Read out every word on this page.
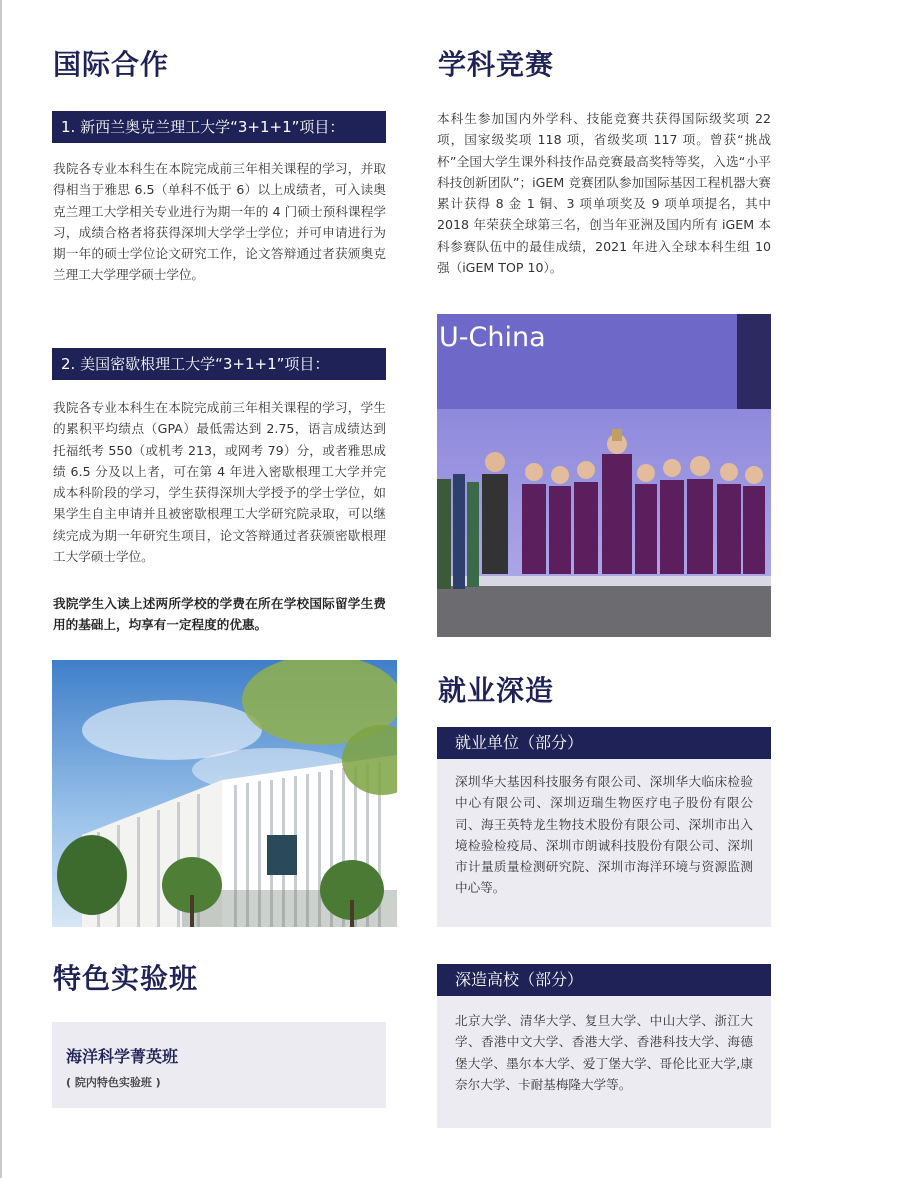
国际合作
1. 新西兰奥克兰理工大学“3+1+1”项目：

我院各专业本科生在本院完成前三年相关课程的学习，并取得相当于雅思 6.5（单科不低于 6）以上成绩者，可入读奥克兰理工大学相关专业进行为期一年的 4 门硕士预科课程学习，成绩合格者将获得深圳大学学士学位；并可申请进行为期一年的硕士学位论文研究工作，论文答辩通过者获颁奥克兰理工大学理学硕士学位。

2. 美国密歇根理工大学“3+1+1”项目：

我院各专业本科生在本院完成前三年相关课程的学习，学生的累积平均绩点（GPA）最低需达到 2.75，语言成绩达到托福纸考 550（或机考 213，或网考 79）分，或者雅思成绩 6.5 分及以上者，可在第 4 年进入密歇根理工大学并完成本科阶段的学习，学生获得深圳大学授予的学士学位，如果学生自主申请并且被密歇根理工大学研究院录取，可以继续完成为期一年研究生项目，论文答辩通过者获颁密歇根理工大学硕士学位。

我院学生入读上述两所学校的学费在所在学校国际留学生费用的基础上，均享有一定程度的优惠。

特色实验班
海洋科学菁英班
( 院内特色实验班 )
学科竞赛

本科生参加国内外学科、技能竞赛共获得国际级奖项 22 项，国家级奖项 118 项，省级奖项 117 项。曾获“挑战杯”全国大学生课外科技作品竞赛最高奖特等奖，入选“小平科技创新团队”；iGEM 竞赛团队参加国际基因工程机器大赛累计获得 8 金 1 铜、3 项单项奖及 9 项单项提名，其中 2018 年荣获全球第三名，创当年亚洲及国内所有 iGEM 本科参赛队伍中的最佳成绩，2021 年进入全球本科生组 10 强（iGEM TOP 10）。

U-China
就业深造
就业单位（部分）

深圳华大基因科技服务有限公司、深圳华大临床检验中心有限公司、深圳迈瑞生物医疗电子股份有限公司、海王英特龙生物技术股份有限公司、深圳市出入境检验检疫局、深圳市朗诚科技股份有限公司、深圳市计量质量检测研究院、深圳市海洋环境与资源监测中心等。

深造高校（部分）

北京大学、清华大学、复旦大学、中山大学、浙江大学、香港中文大学、香港大学、香港科技大学、海德堡大学、墨尔本大学、爱丁堡大学、哥伦比亚大学,康奈尔大学、卡耐基梅隆大学等。
